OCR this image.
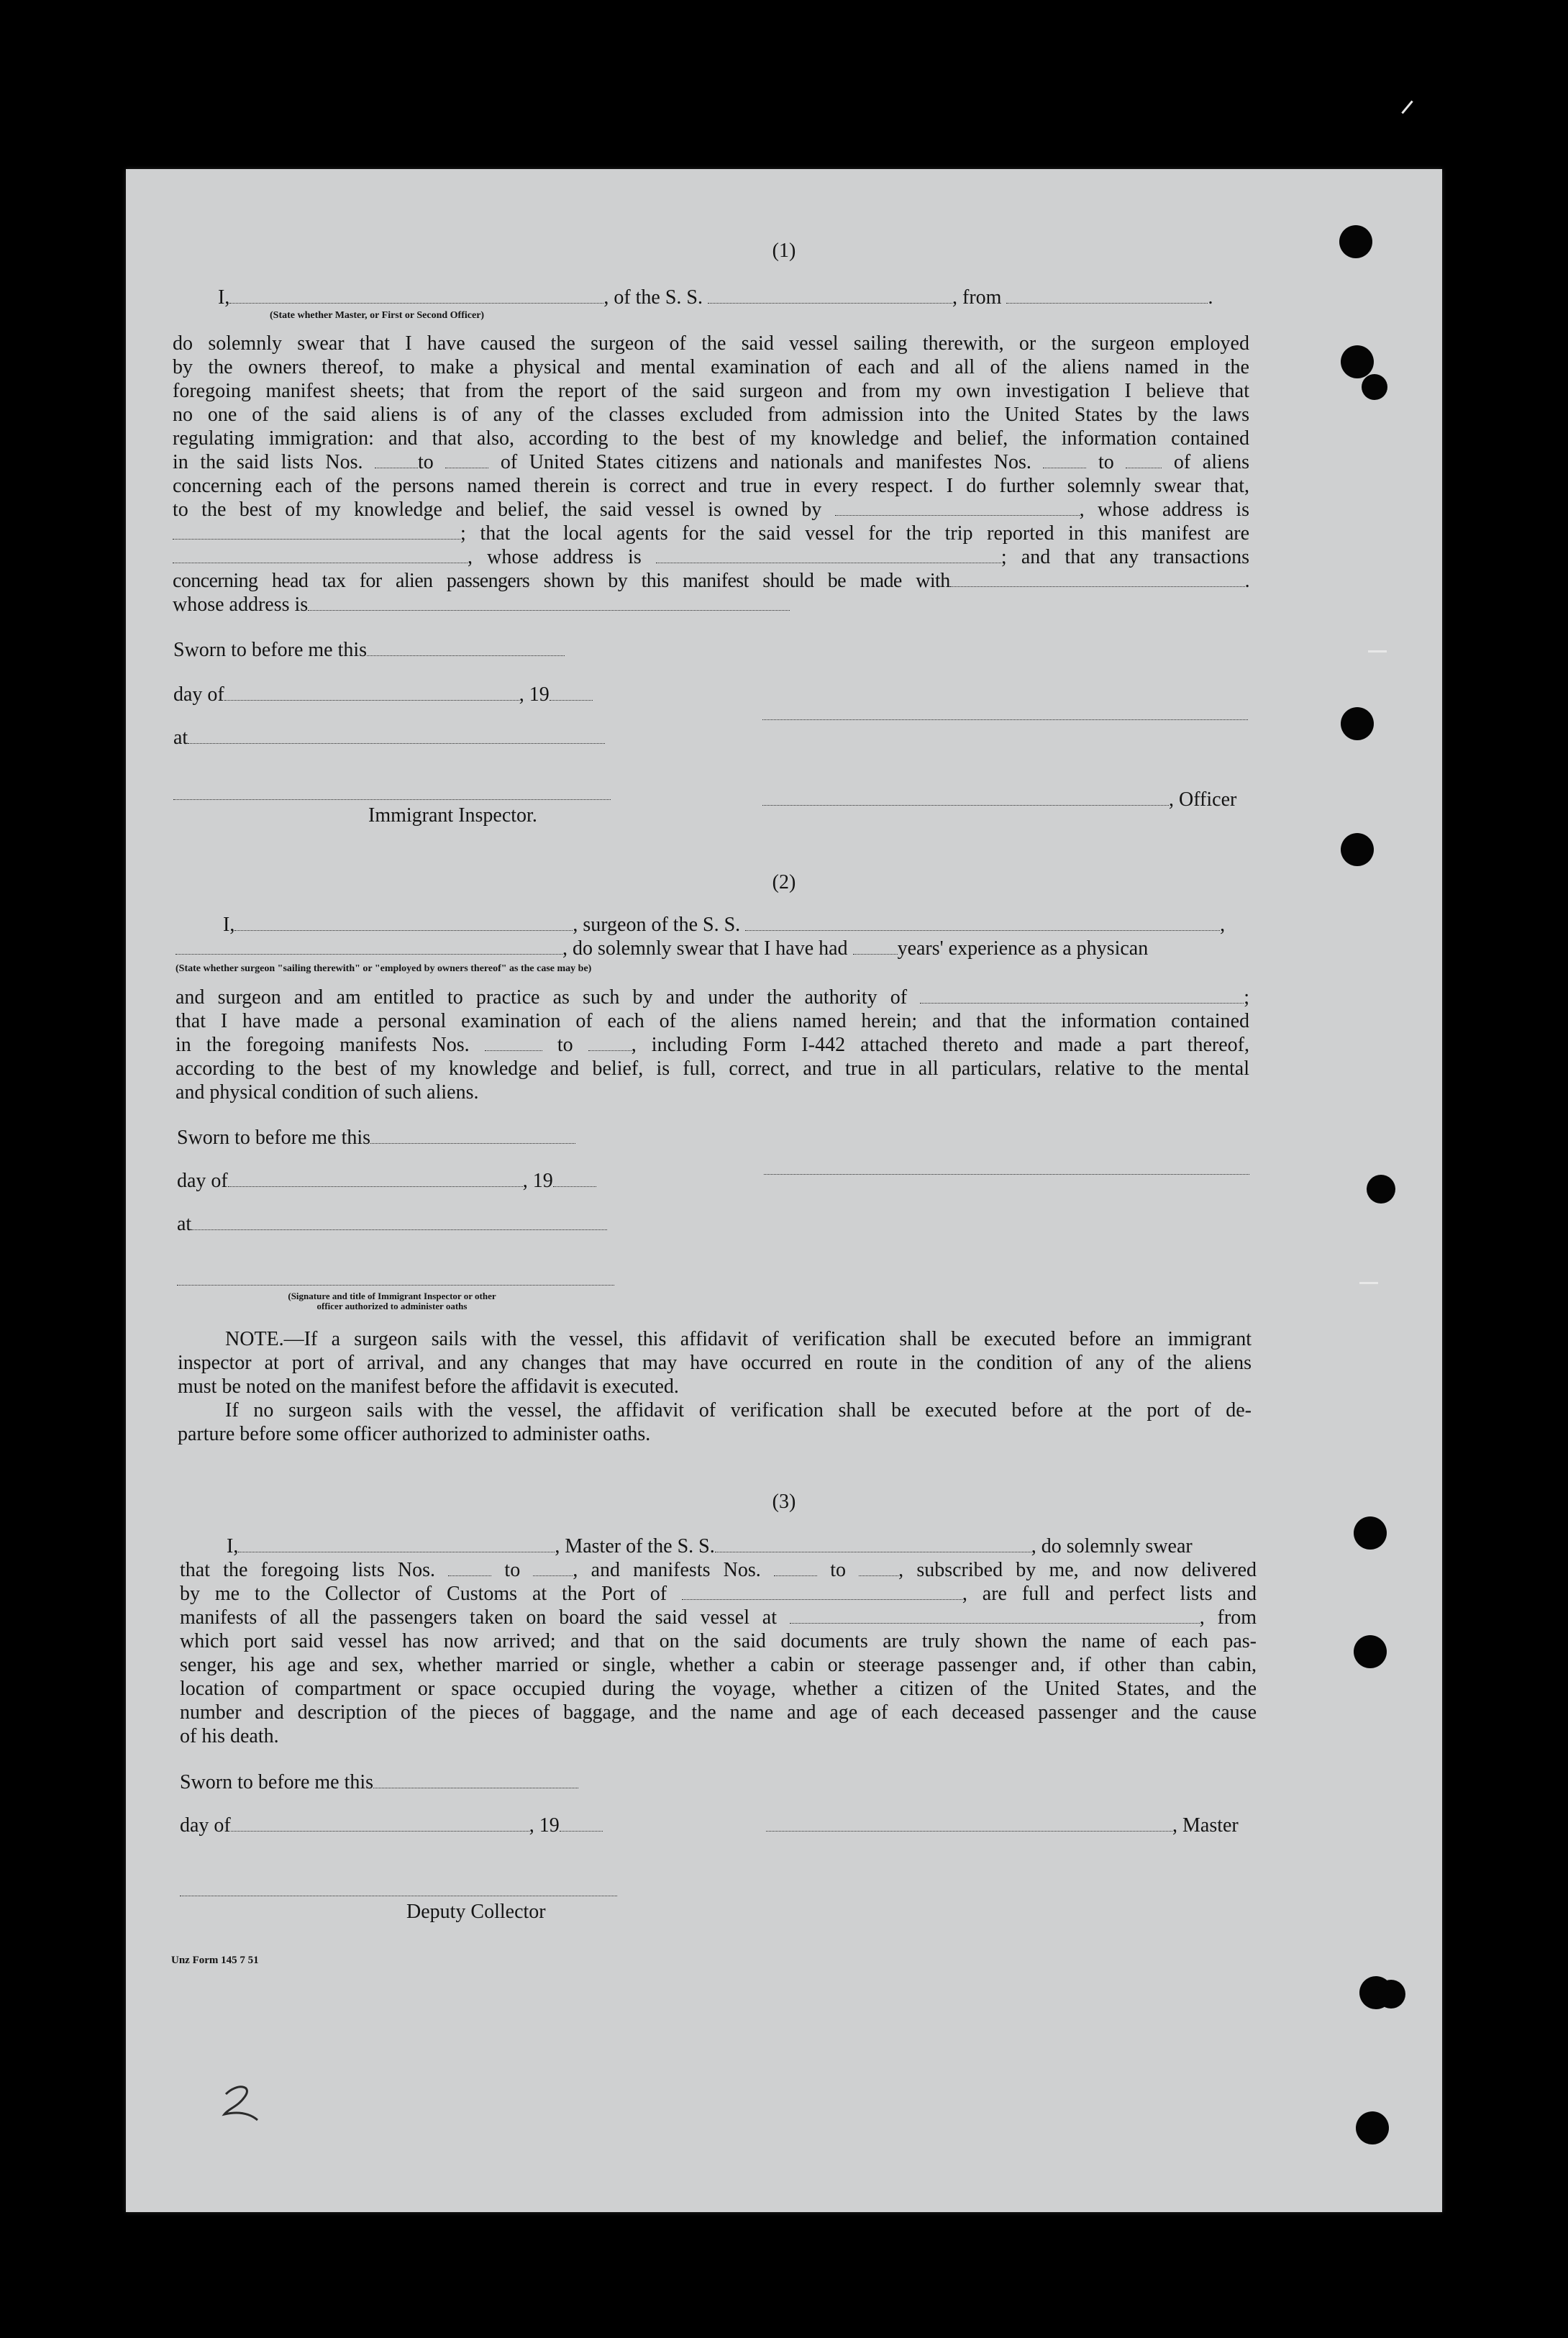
(1)
I,	, of the S. S.	, from	.
(State whether Master, or First or Second Officer)
do solemnly swear that I have caused the surgeon of the said vessel sailing therewith, or the surgeon employed
by the owners thereof, to make a physical and mental examination of each and all of the aliens named in the
foregoing manifest sheets; that from the report of the said surgeon and from my own investigation I believe that
no one of the said aliens is of any of the classes excluded from admission into the United States by the laws
regulating immigration: and that also, according to the best of my knowledge and belief, the information contained
in the said lists Nos.	to	of United States citizens and nationals and manifestes Nos.	to	of aliens
concerning each of the persons named therein is correct and true in every respect. I do further solemnly swear that,
to the best of my knowledge and belief, the said vessel is owned by	, whose address is
; that the local agents for the said vessel for the trip reported in this manifest are
, whose address is	; and that any transactions
concerning head tax for alien passengers shown by this manifest should be made with	.
whose address is
Sworn to before me this
day of	, 19
at
Immigrant Inspector.
, Officer
(2)
I,	, surgeon of the S. S.	,
, do solemnly swear that I have had years' experience as a physican
(State whether surgeon "sailing therewith" or "employed by owners thereof" as the case may be)
and surgeon and am entitled to practice as such by and under the authority of	;
that I have made a personal examination of each of the aliens named herein; and that the information contained
in the foregoing manifests Nos.	to	, including Form I-442 attached thereto and made a part thereof,
according to the best of my knowledge and belief, is full, correct, and true in all particulars, relative to the mental
and physical condition of such aliens.
Sworn to before me this
day of	, 19
at
(Signature and title of Immigrant Inspector or other
officer authorized to administer oaths
NOTE.—If a surgeon sails with the vessel, this affidavit of verification shall be executed before an immigrant
inspector at port of arrival, and any changes that may have occurred en route in the condition of any of the aliens
must be noted on the manifest before the affidavit is executed.
If no surgeon sails with the vessel, the affidavit of verification shall be executed before at the port of de-
parture before some officer authorized to administer oaths.
(3)
I,	, Master of the S. S.	, do solemnly swear
that the foregoing lists Nos.	to	, and manifests Nos.	to	, subscribed by me, and now delivered
by me to the Collector of Customs at the Port of	, are full and perfect lists and
manifests of all the passengers taken on board the said vessel at	, from
which port said vessel has now arrived; and that on the said documents are truly shown the name of each pas-
senger, his age and sex, whether married or single, whether a cabin or steerage passenger and, if other than cabin,
location of compartment or space occupied during the voyage, whether a citizen of the United States, and the
number and description of the pieces of baggage, and the name and age of each deceased passenger and the cause
of his death.
Sworn to before me this
day of	, 19	, Master
Deputy Collector
Unz Form 145 7 51
